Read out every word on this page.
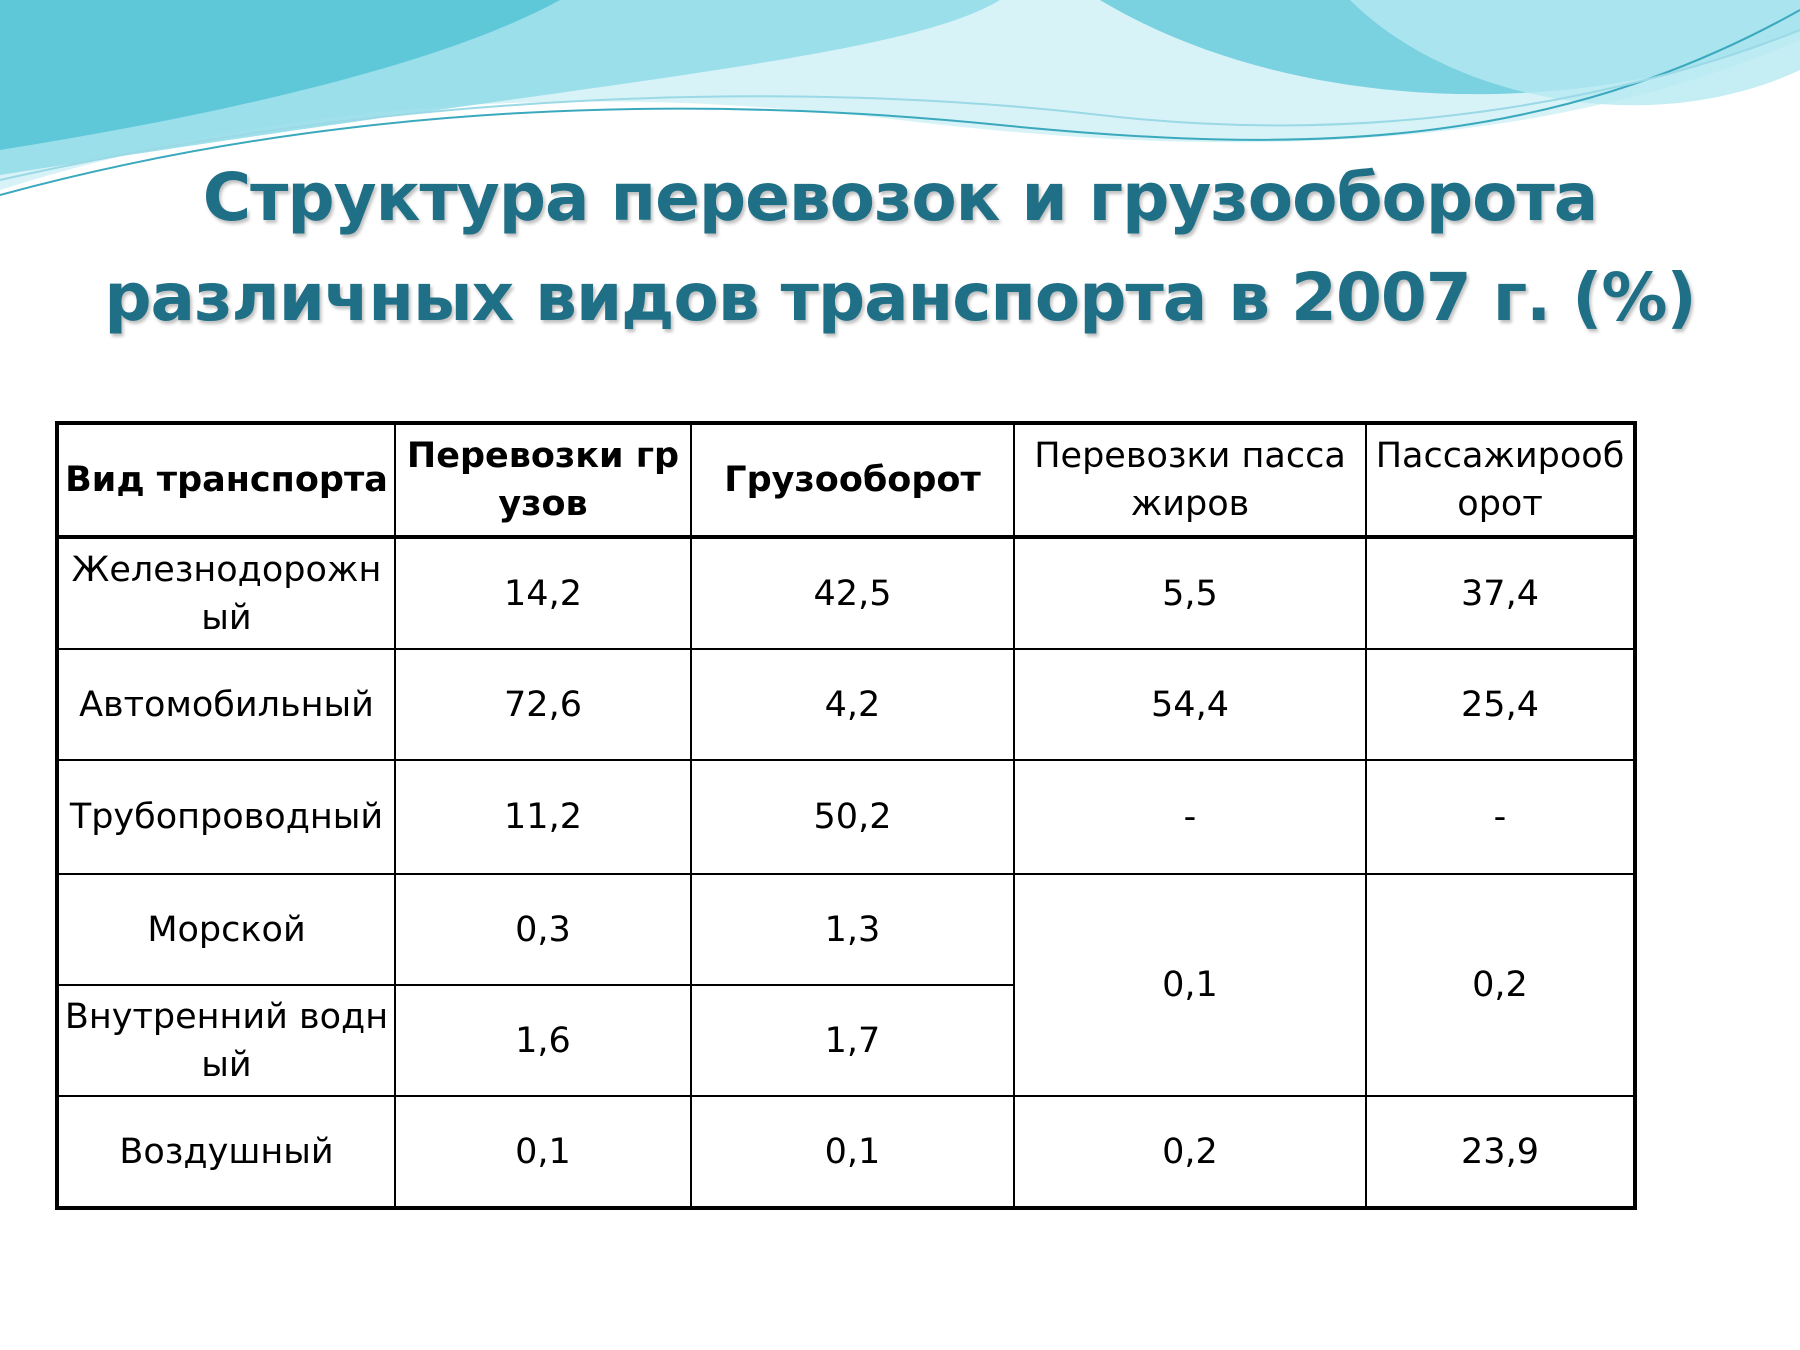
Структура перевозок и грузооборота
различных видов транспорта в 2007 г. (%)
Вид транспорта	Перевозки грузов	Грузооборот	Перевозки пассажиров	Пассажирооборот
Железнодорожный	14,2	42,5	5,5	37,4
Автомобильный	72,6	4,2	54,4	25,4
Трубопроводный	11,2	50,2	-	-
Морской	0,3	1,3	0,1	0,2
Внутренний водный	1,6	1,7		
Воздушный	0,1	0,1	0,2	23,9
